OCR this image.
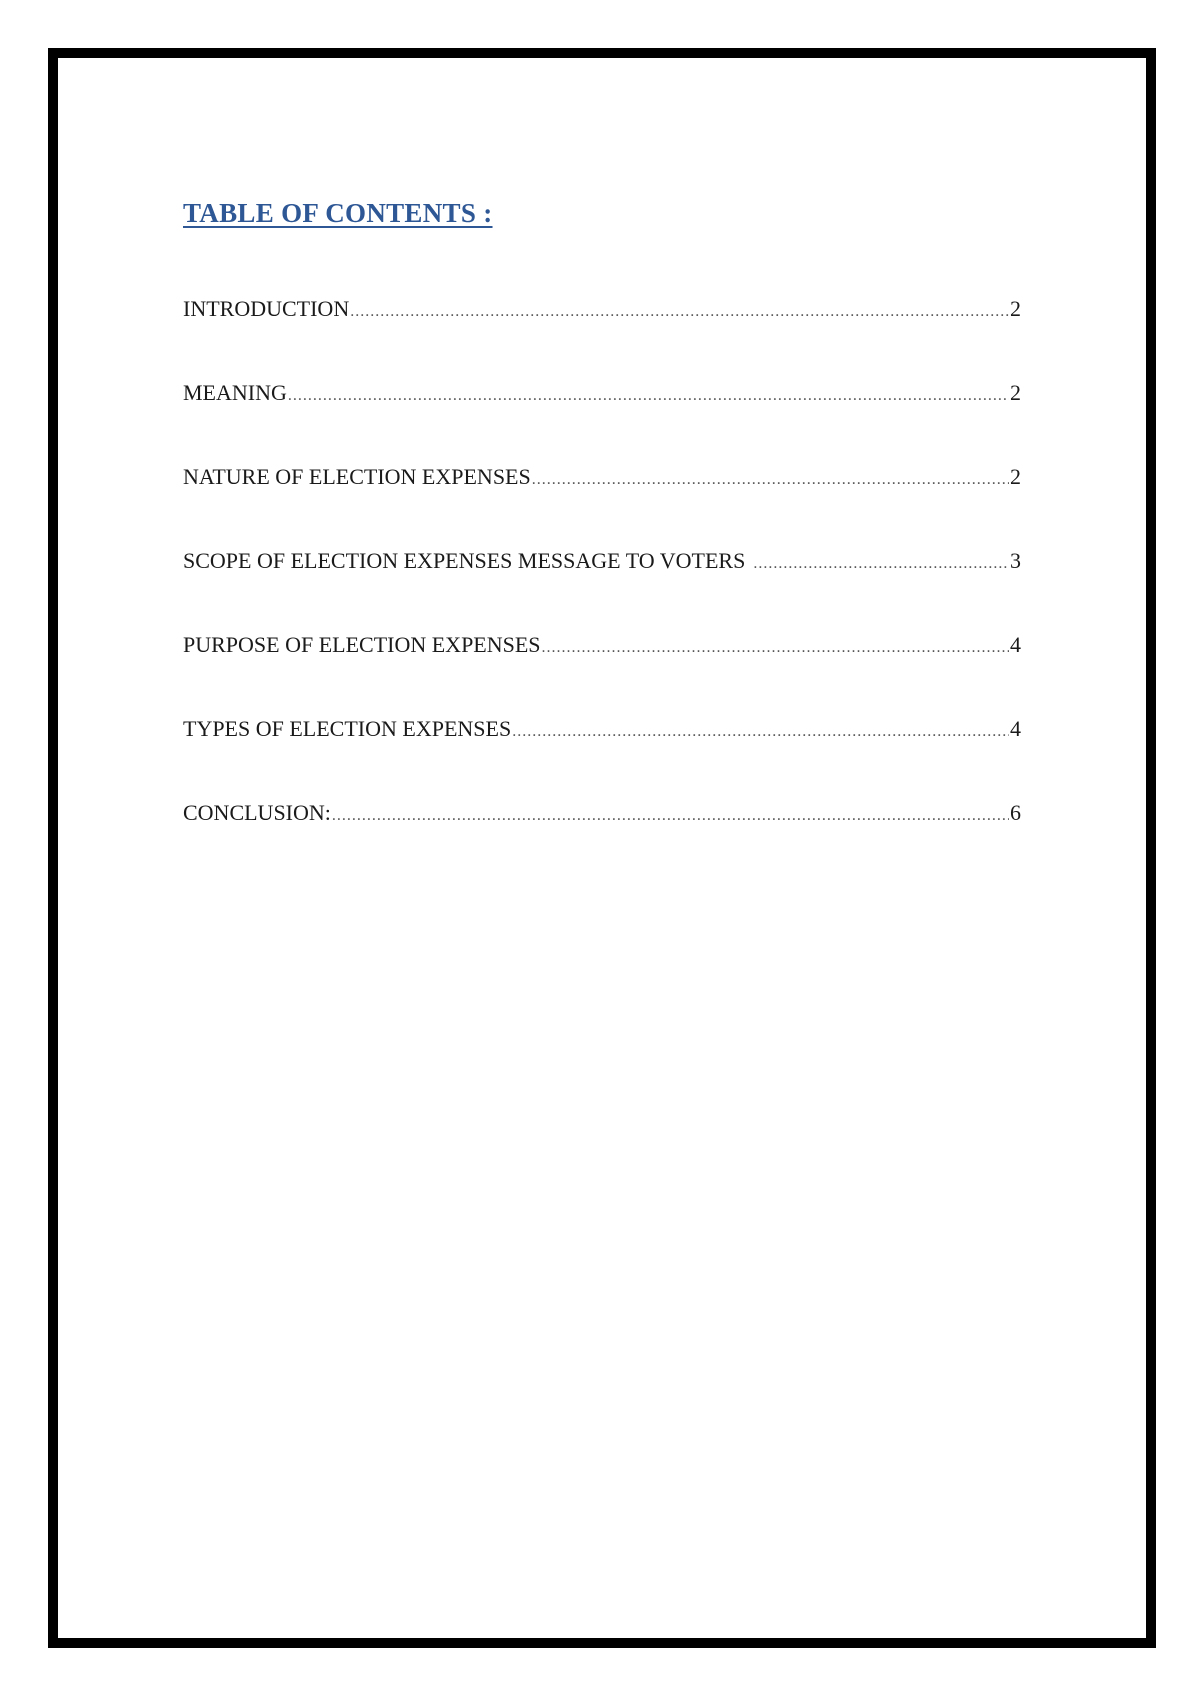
TABLE OF CONTENTS :
INTRODUCTION .....	2
MEANING .....	2
NATURE OF ELECTION EXPENSES .....	2
SCOPE OF ELECTION EXPENSES MESSAGE TO VOTERS .....	3
PURPOSE OF ELECTION EXPENSES .....	4
TYPES OF ELECTION EXPENSES .....	4
CONCLUSION: .....	6
